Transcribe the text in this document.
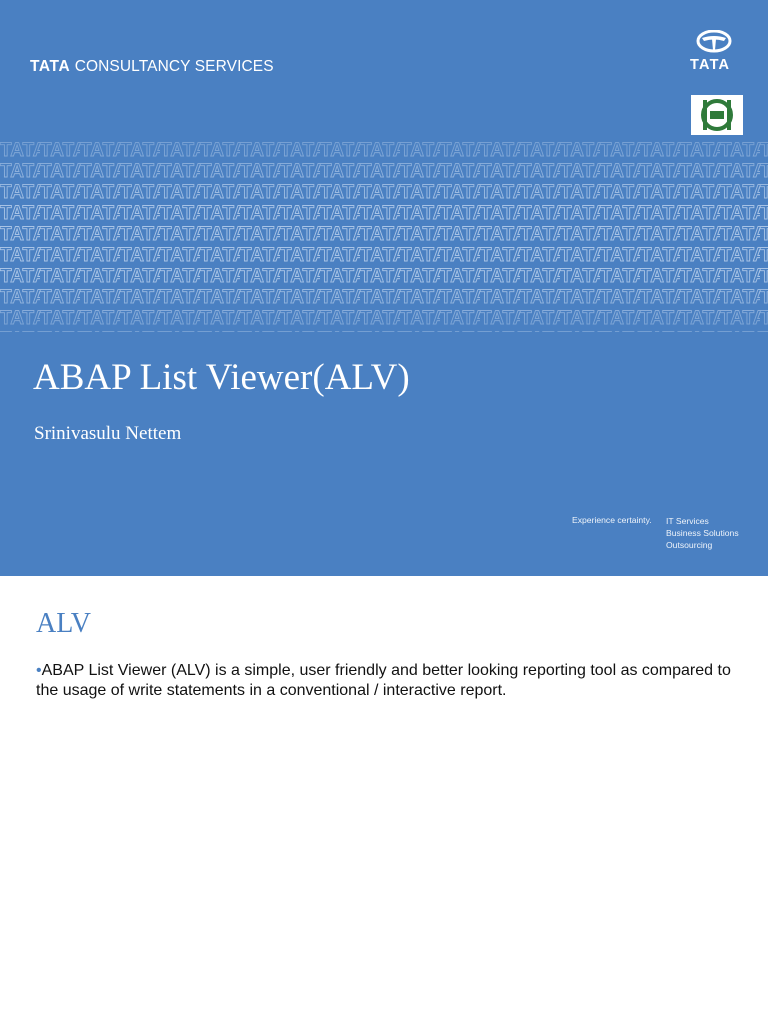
TATA CONSULTANCY SERVICES	TATA
ABAP List Viewer(ALV)
Srinivasulu Nettem
Experience certainty. IT Services
Business Solutions
Outsourcing
ALV
•ABAP List Viewer (ALV) is a simple, user friendly and better looking reporting tool as compared to the usage of write statements in a conventional / interactive report.
